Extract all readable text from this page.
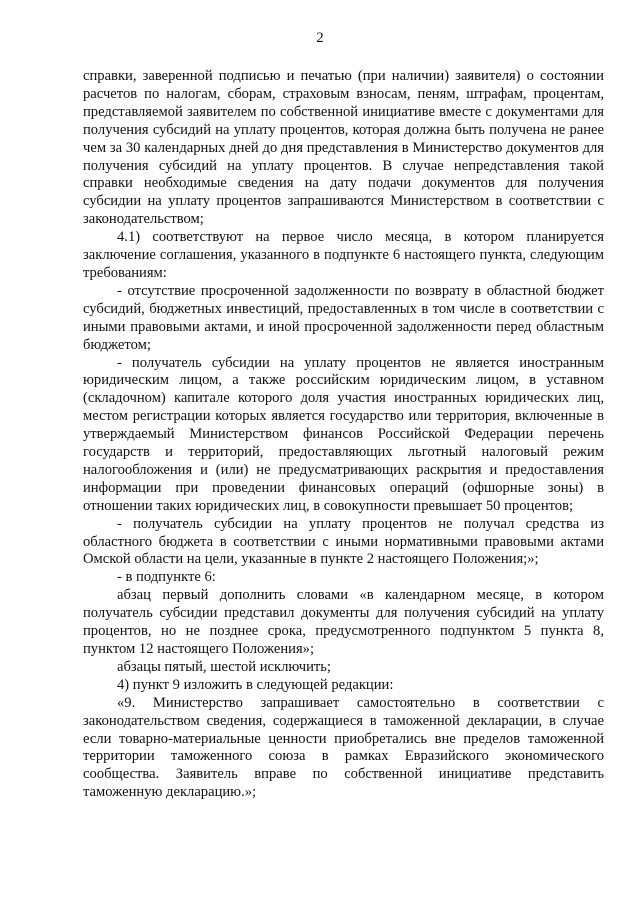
2

справки, заверенной подписью и печатью (при наличии) заявителя) о состоянии расчетов по налогам, сборам, страховым взносам, пеням, штрафам, процентам, представляемой заявителем по собственной инициативе вместе с документами для получения субсидий на уплату процентов, которая должна быть получена не ранее чем за 30 календарных дней до дня представления в Министерство документов для получения субсидий на уплату процентов. В случае непредставления такой справки необходимые сведения на дату подачи документов для получения субсидии на уплату процентов запрашиваются Министерством в соответствии с законодательством;

4.1) соответствуют на первое число месяца, в котором планируется заключение соглашения, указанного в подпункте 6 настоящего пункта, следующим требованиям:

- отсутствие просроченной задолженности по возврату в областной бюджет субсидий, бюджетных инвестиций, предоставленных в том числе в соответствии с иными правовыми актами, и иной просроченной задолженности перед областным бюджетом;

- получатель субсидии на уплату процентов не является иностранным юридическим лицом, а также российским юридическим лицом, в уставном (складочном) капитале которого доля участия иностранных юридических лиц, местом регистрации которых является государство или территория, включенные в утверждаемый Министерством финансов Российской Федерации перечень государств и территорий, предоставляющих льготный налоговый режим налогообложения и (или) не предусматривающих раскрытия и предоставления информации при проведении финансовых операций (офшорные зоны) в отношении таких юридических лиц, в совокупности превышает 50 процентов;

- получатель субсидии на уплату процентов не получал средства из областного бюджета в соответствии с иными нормативными правовыми актами Омской области на цели, указанные в пункте 2 настоящего Положения;»;

- в подпункте 6:

абзац первый дополнить словами «в календарном месяце, в котором получатель субсидии представил документы для получения субсидий на уплату процентов, но не позднее срока, предусмотренного подпунктом 5 пункта 8, пунктом 12 настоящего Положения»;

абзацы пятый, шестой исключить;

4) пункт 9 изложить в следующей редакции:

«9. Министерство запрашивает самостоятельно в соответствии с законодательством сведения, содержащиеся в таможенной декларации, в случае если товарно-материальные ценности приобретались вне пределов таможенной территории таможенного союза в рамках Евразийского экономического сообщества. Заявитель вправе по собственной инициативе представить таможенную декларацию.»;
